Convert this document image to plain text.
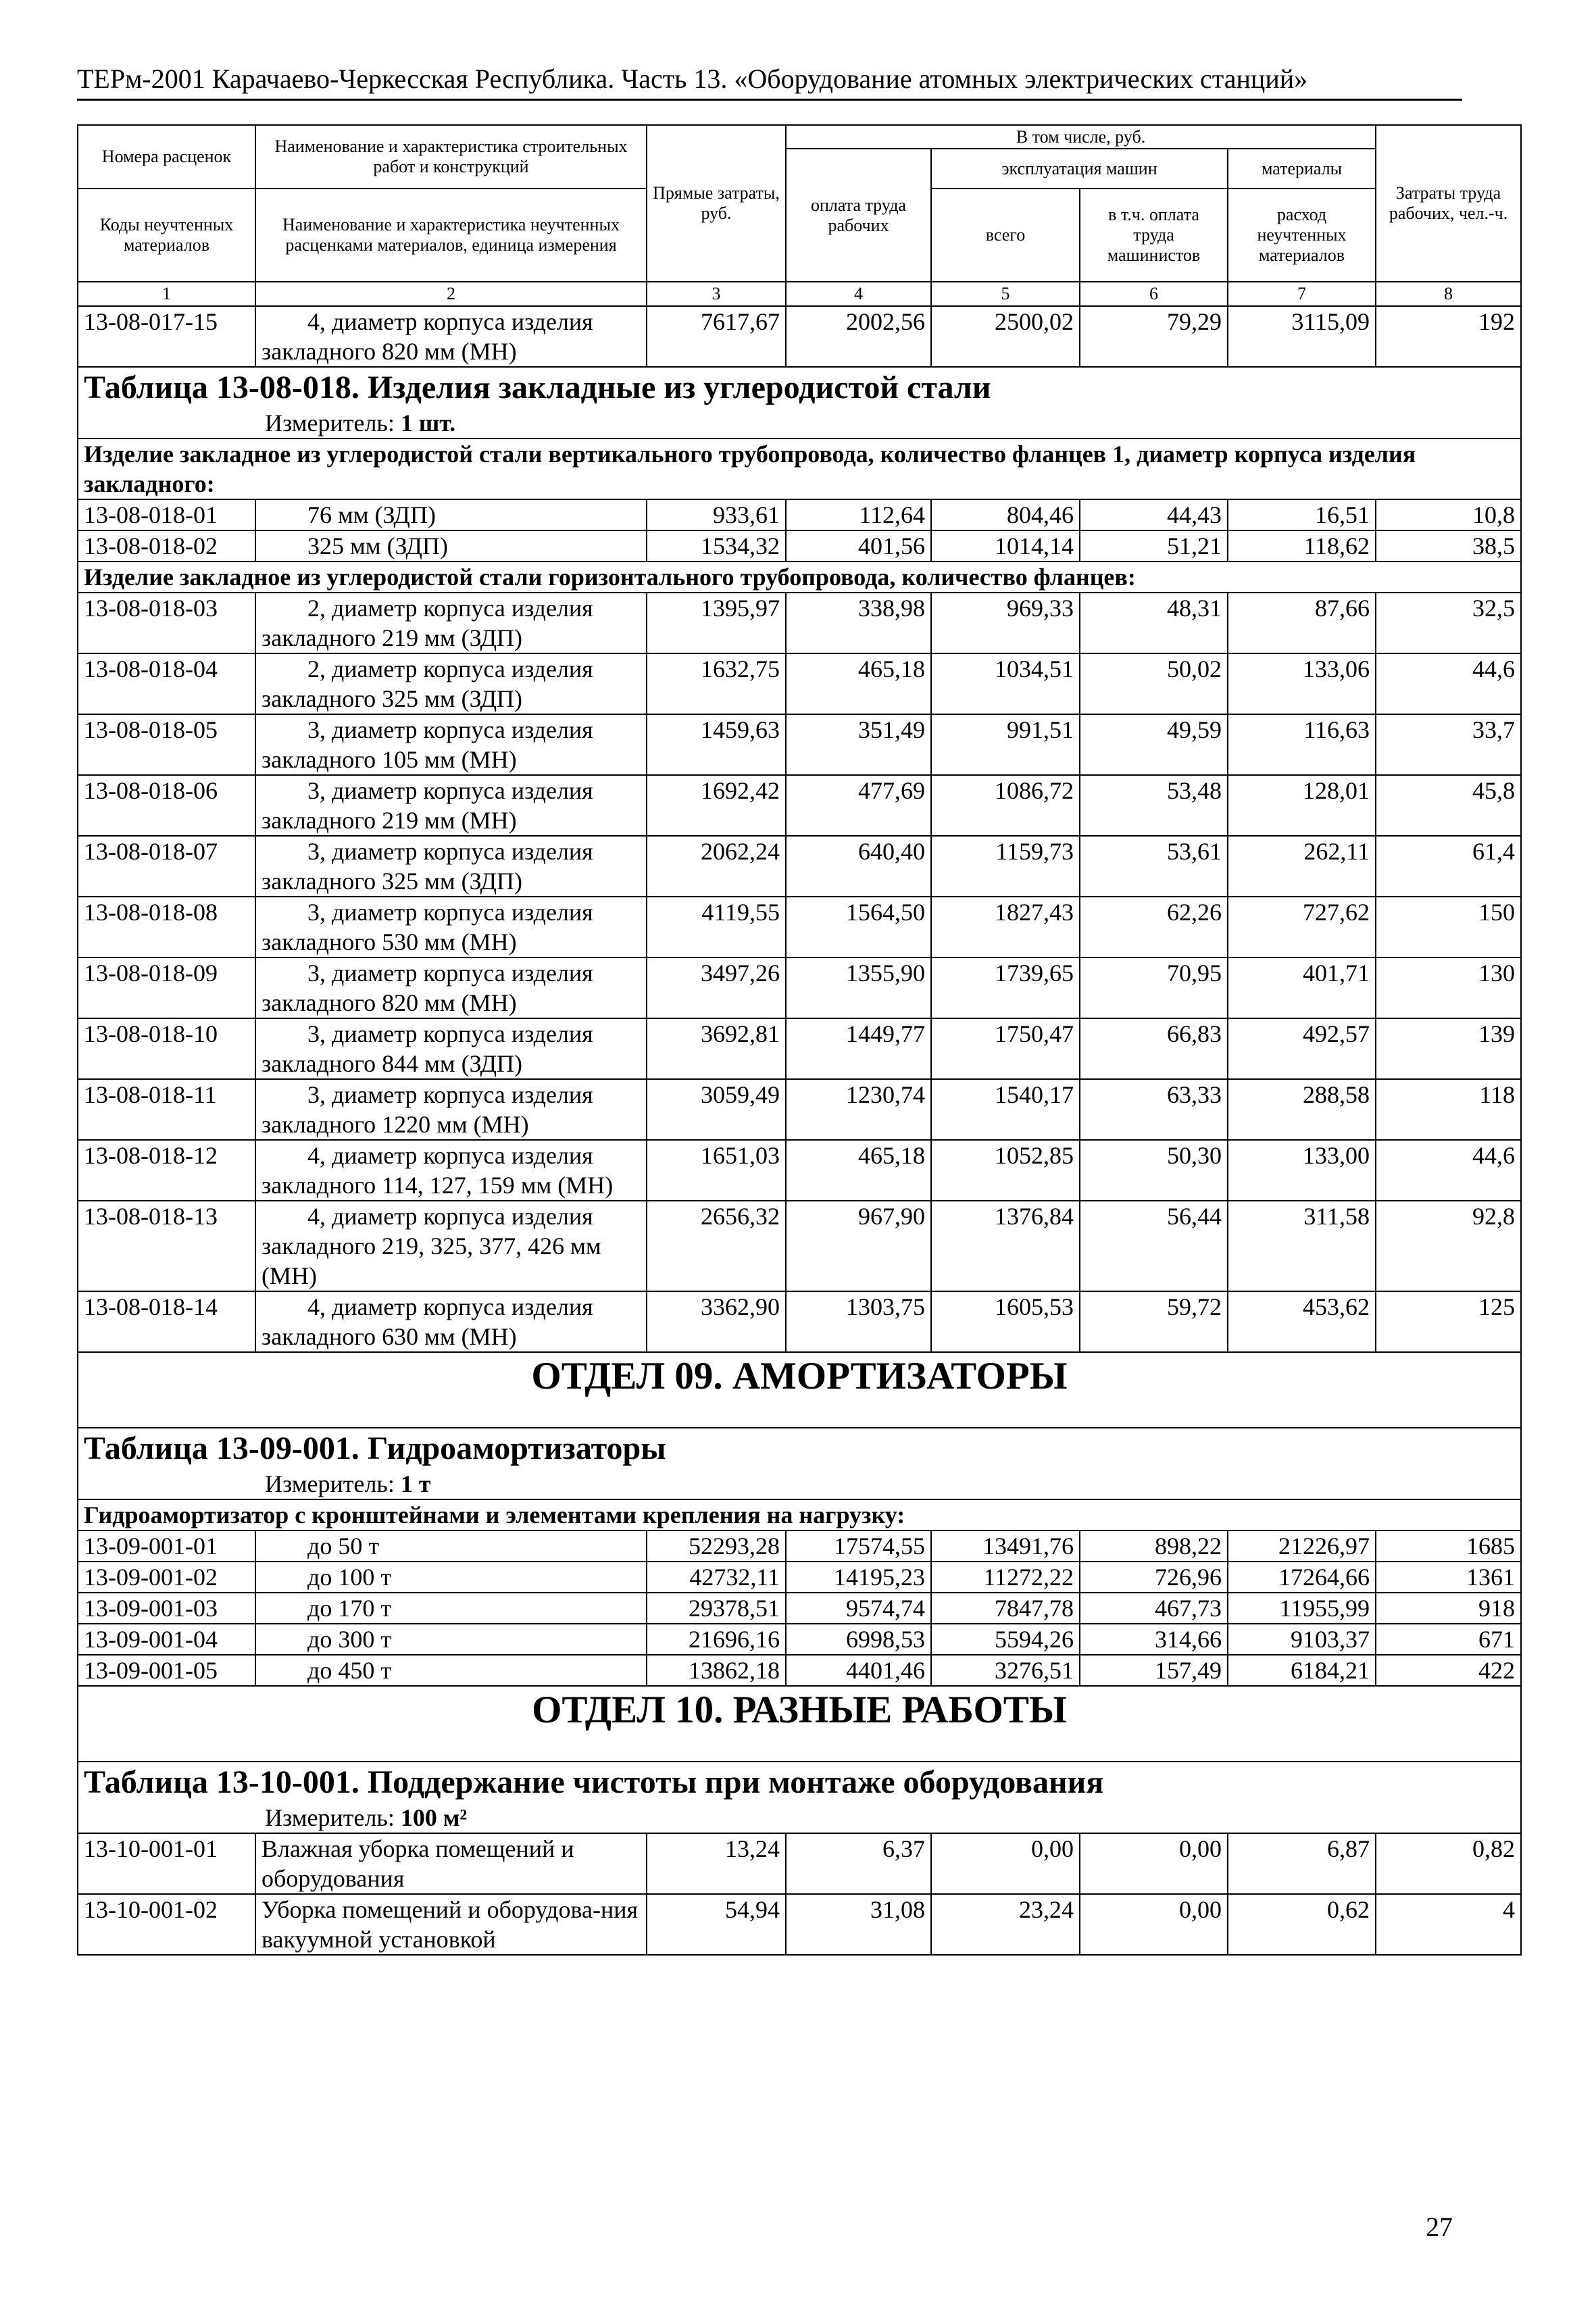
ТЕРм-2001 Карачаево-Черкесская Республика. Часть 13. «Оборудование атомных электрических станций»
Номера расценок	Наименование и характеристика строительных работ и конструкций	Прямые затраты, руб.	В том числе, руб.				Затраты труда рабочих, чел.-ч.
			оплата труда рабочих	эксплуатация машин		материалы	
Коды неучтенных материалов	Наименование и характеристика неучтенных расценками материалов, единица измерения			всего	в т.ч. оплата труда машинистов	расход неучтенных материалов	
1	2	3	4	5	6	7	8
13-08-017-15	4, диаметр корпуса изделия закладного 820 мм (МН)	7617,67	2002,56	2500,02	79,29	3115,09	192

Таблица 13-08-018. Изделия закладные из углеродистой стали
Измеритель: 1 шт.							

Изделие закладное из углеродистой стали вертикального трубопровода, количество фланцев 1, диаметр корпуса изделия закладного:							
13-08-018-01	76 мм (ЗДП)	933,61	112,64	804,46	44,43	16,51	10,8
13-08-018-02	325 мм (ЗДП)	1534,32	401,56	1014,14	51,21	118,62	38,5
Изделие закладное из углеродистой стали горизонтального трубопровода, количество фланцев:							
13-08-018-03	2, диаметр корпуса изделия закладного 219 мм (ЗДП)	1395,97	338,98	969,33	48,31	87,66	32,5
13-08-018-04	2, диаметр корпуса изделия закладного 325 мм (ЗДП)	1632,75	465,18	1034,51	50,02	133,06	44,6
13-08-018-05	3, диаметр корпуса изделия закладного 105 мм (МН)	1459,63	351,49	991,51	49,59	116,63	33,7
13-08-018-06	3, диаметр корпуса изделия закладного 219 мм (МН)	1692,42	477,69	1086,72	53,48	128,01	45,8
13-08-018-07	3, диаметр корпуса изделия закладного 325 мм (ЗДП)	2062,24	640,40	1159,73	53,61	262,11	61,4
13-08-018-08	3, диаметр корпуса изделия закладного 530 мм (МН)	4119,55	1564,50	1827,43	62,26	727,62	150
13-08-018-09	3, диаметр корпуса изделия закладного 820 мм (МН)	3497,26	1355,90	1739,65	70,95	401,71	130
13-08-018-10	3, диаметр корпуса изделия закладного 844 мм (ЗДП)	3692,81	1449,77	1750,47	66,83	492,57	139
13-08-018-11	3, диаметр корпуса изделия закладного 1220 мм (МН)	3059,49	1230,74	1540,17	63,33	288,58	118
13-08-018-12	4, диаметр корпуса изделия закладного 114, 127, 159 мм (МН)	1651,03	465,18	1052,85	50,30	133,00	44,6
13-08-018-13	4, диаметр корпуса изделия закладного 219, 325, 377, 426 мм (МН)	2656,32	967,90	1376,84	56,44	311,58	92,8
13-08-018-14	4, диаметр корпуса изделия закладного 630 мм (МН)	3362,90	1303,75	1605,53	59,72	453,62	125
ОТДЕЛ 09. АМОРТИЗАТОРЫ							

Таблица 13-09-001. Гидроамортизаторы
Измеритель: 1 т							

Гидроамортизатор с кронштейнами и элементами крепления на нагрузку:							
13-09-001-01	до 50 т	52293,28	17574,55	13491,76	898,22	21226,97	1685
13-09-001-02	до 100 т	42732,11	14195,23	11272,22	726,96	17264,66	1361
13-09-001-03	до 170 т	29378,51	9574,74	7847,78	467,73	11955,99	918
13-09-001-04	до 300 т	21696,16	6998,53	5594,26	314,66	9103,37	671
13-09-001-05	до 450 т	13862,18	4401,46	3276,51	157,49	6184,21	422
ОТДЕЛ 10. РАЗНЫЕ РАБОТЫ							

Таблица 13-10-001. Поддержание чистоты при монтаже оборудования
Измеритель: 100 м²							

13-10-001-01	Влажная уборка помещений и оборудования	13,24	6,37	0,00	0,00	6,87	0,82
13-10-001-02	Уборка помещений и оборудова-ния вакуумной установкой	54,94	31,08	23,24	0,00	0,62	4
27
